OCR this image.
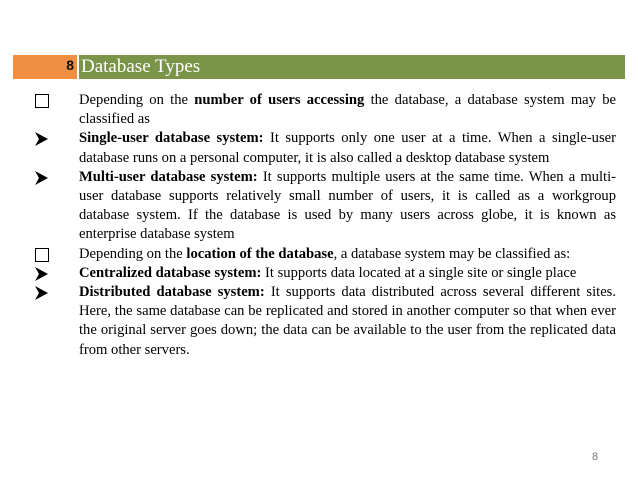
8 Database Types
Depending on the number of users accessing the database, a database system may be classified as
Single-user database system: It supports only one user at a time. When a single-user database runs on a personal computer, it is also called a desktop database system
Multi-user database system: It supports multiple users at the same time. When a multi-user database supports relatively small number of users, it is called as a workgroup database system. If the database is used by many users across globe, it is known as enterprise database system
Depending on the location of the database, a database system may be classified as:
Centralized database system: It supports data located at a single site or single place
Distributed database system: It supports data distributed across several different sites. Here, the same database can be replicated and stored in another computer so that when ever the original server goes down; the data can be available to the user from the replicated data from other servers.
8
